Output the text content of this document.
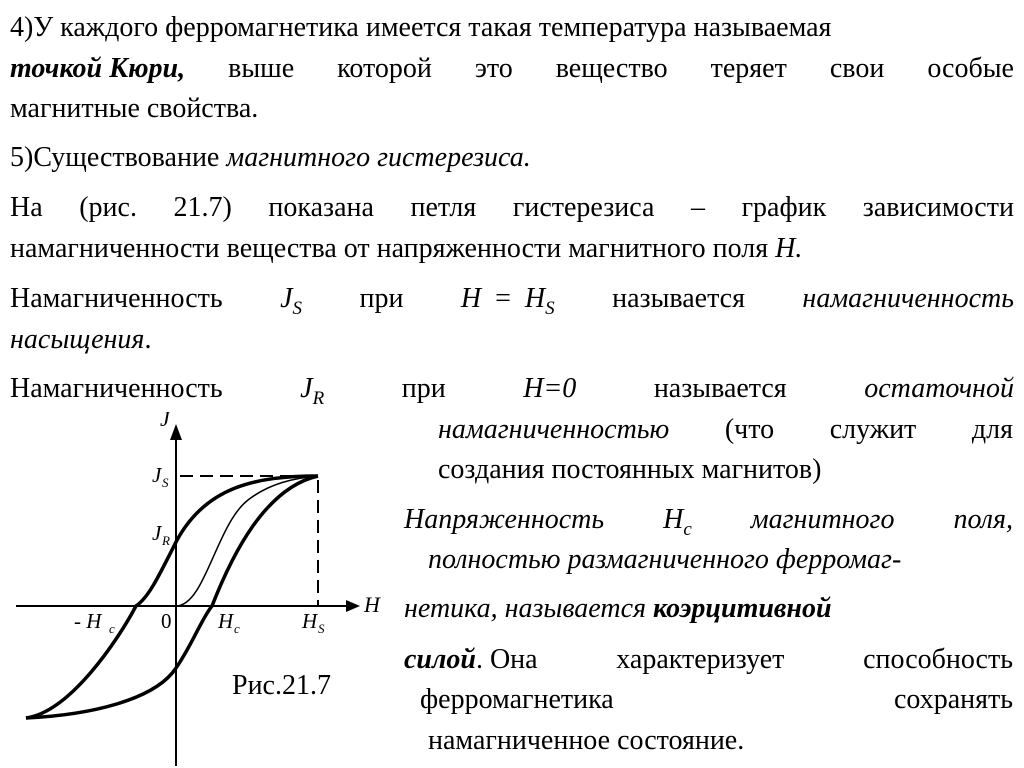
4)У каждого ферромагнетика имеется такая температура называемая
точкой Кюри, выше которой это вещество теряет свои особые
магнитные свойства.
5)Существование магнитного гистерезиса.
На (рис. 21.7) показана петля гистерезиса – график зависимости
намагниченности вещества от напряженности магнитного поля H.
Намагниченность $J_S$ при $H = H_S$ называется намагниченность
насыщения.
Намагниченность	$J_R$	при	H=0	называется	остаточной
намагниченностью (что служит для
создания постоянных магнитов)
Напряженность $H_c$ магнитного поля,
полностью размагниченного ферромаг-
нетика, называется коэрцитивной
силой. Она	характеризует	способность
ферромагнетика	сохранять
намагниченное состояние.
J
H
J S
J R
- H c 0 H c	H S
Рис.21.7
